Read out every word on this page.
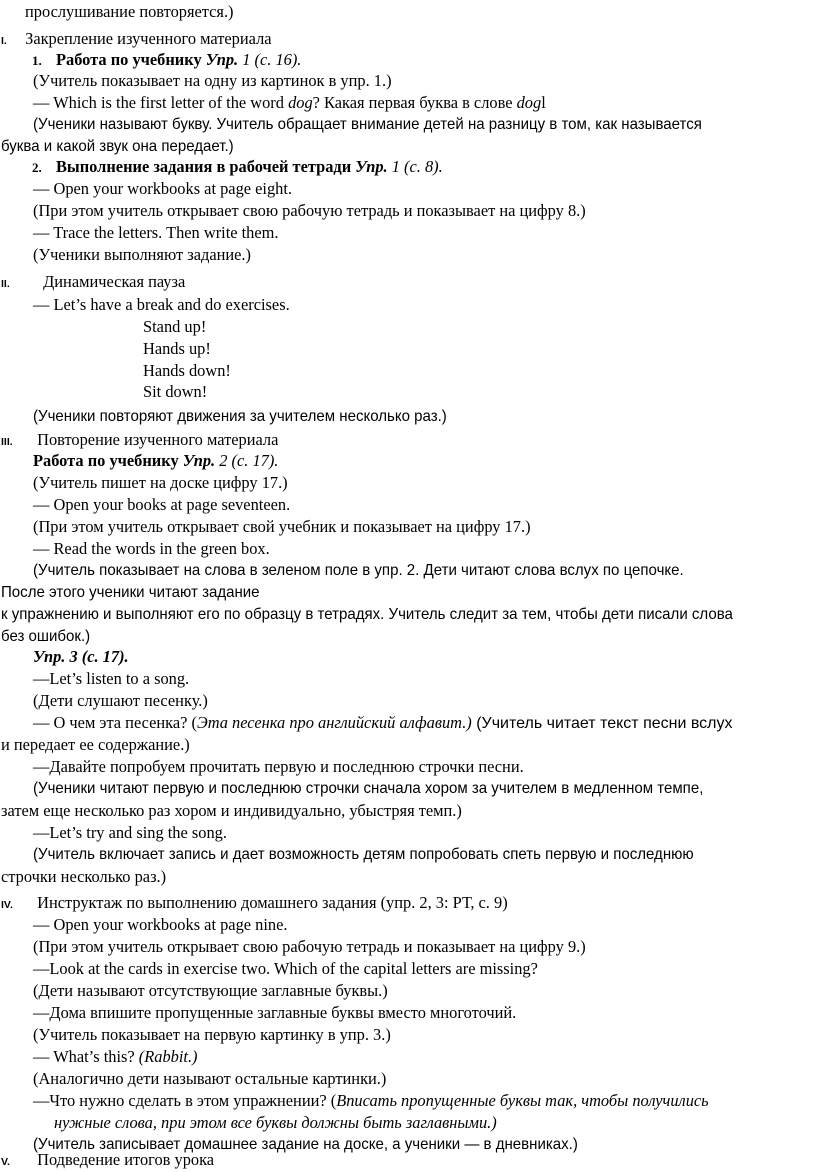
прослушивание повторяется.)
I. Закрепление изученного материала
1. Работа по учебнику Упр. 1 (с. 16).
(Учитель показывает на одну из картинок в упр. 1.)
— Which is the first letter of the word dog? Какая первая буква в слове dogl
(Ученики называют букву. Учитель обращает внимание детей на разницу в том, как называется
буква и какой звук она передает.)
2. Выполнение задания в рабочей тетради Упр. 1 (с. 8).
— Open your workbooks at page eight.
(При этом учитель открывает свою рабочую тетрадь и показывает на цифру 8.)
— Trace the letters. Then write them.
(Ученики выполняют задание.)
II. Динамическая пауза
— Let’s have a break and do exercises.
Stand up!
Hands up!
Hands down!
Sit down!
(Ученики повторяют движения за учителем несколько раз.)
III. Повторение изученного материала
Работа по учебнику Упр. 2 (с. 17).
(Учитель пишет на доске цифру 17.)
— Open your books at page seventeen.
(При этом учитель открывает свой учебник и показывает на цифру 17.)
— Read the words in the green box.
(Учитель показывает на слова в зеленом поле в упр. 2. Дети читают слова вслух по цепочке.
После этого ученики читают задание
к упражнению и выполняют его по образцу в тетрадях. Учитель следит за тем, чтобы дети писали слова
без ошибок.)
Упр. 3 (с. 17).
—Let’s listen to a song.
(Дети слушают песенку.)
— О чем эта песенка? (Эта песенка про английский алфавит.) (Учитель читает текст песни вслух
и передает ее содержание.)
—Давайте попробуем прочитать первую и последнюю строчки песни.
(Ученики читают первую и последнюю строчки сначала хором за учителем в медленном темпе,
затем еще несколько раз хором и индивидуально, убыстряя темп.)
—Let’s try and sing the song.
(Учитель включает запись и дает возможность детям попробовать спеть первую и последнюю
строчки несколько раз.)
IV. Инструктаж по выполнению домашнего задания (упр. 2, 3: РТ, с. 9)
— Open your workbooks at page nine.
(При этом учитель открывает свою рабочую тетрадь и показывает на цифру 9.)
—Look at the cards in exercise two. Which of the capital letters are missing?
(Дети называют отсутствующие заглавные буквы.)
—Дома впишите пропущенные заглавные буквы вместо многоточий.
(Учитель показывает на первую картинку в упр. 3.)
— What’s this? (Rabbit.)
(Аналогично дети называют остальные картинки.)
—Что нужно сделать в этом упражнении? (Вписать пропущенные буквы так, чтобы получились
нужные слова, при этом все буквы должны быть заглавными.)
(Учитель записывает домашнее задание на доске, а ученики — в дневниках.)
V. Подведение итогов урока
